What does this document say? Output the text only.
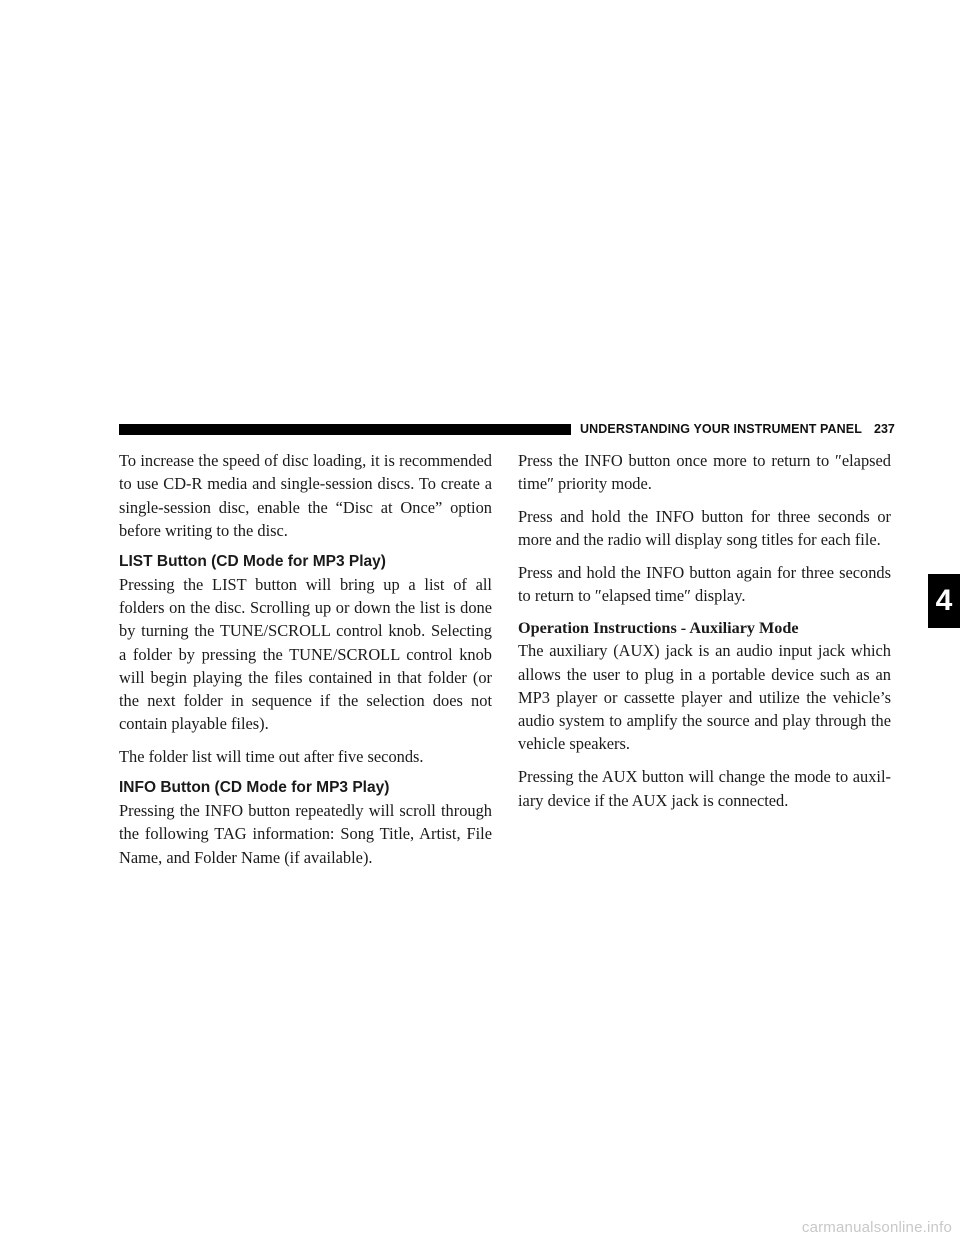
UNDERSTANDING YOUR INSTRUMENT PANEL 237
4

To increase the speed of disc loading, it is recommended to use CD-R media and single-session discs. To create a single-session disc, enable the “Disc at Once” option before writing to the disc.

LIST Button (CD Mode for MP3 Play)

Pressing the LIST button will bring up a list of all folders on the disc. Scrolling up or down the list is done by turning the TUNE/SCROLL control knob. Selecting a folder by pressing the TUNE/SCROLL control knob will begin playing the files contained in that folder (or the next folder in sequence if the selection does not contain playable files).

The folder list will time out after five seconds.

INFO Button (CD Mode for MP3 Play)

Pressing the INFO button repeatedly will scroll through the following TAG information: Song Title, Artist, File Name, and Folder Name (if available).

Press the INFO button once more to return to ″elapsed time″ priority mode.

Press and hold the INFO button for three seconds or more and the radio will display song titles for each file.

Press and hold the INFO button again for three seconds to return to ″elapsed time″ display.

Operation Instructions - Auxiliary Mode

The auxiliary (AUX) jack is an audio input jack which allows the user to plug in a portable device such as an MP3 player or cassette player and utilize the vehicle’s audio system to amplify the source and play through the vehicle speakers.

Pressing the AUX button will change the mode to auxil-iary device if the AUX jack is connected.

carmanualsonline.info
